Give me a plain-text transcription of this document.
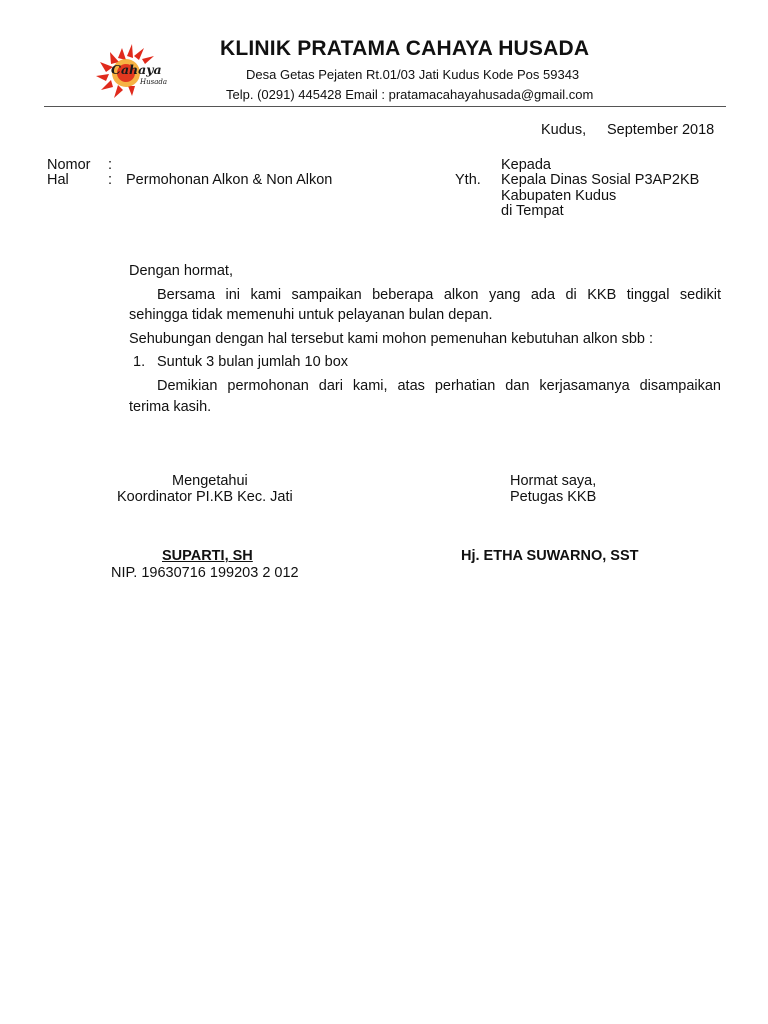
Cahaya
Husada
KLINIK PRATAMA CAHAYA HUSADA
Desa Getas Pejaten Rt.01/03 Jati Kudus Kode Pos 59343
Telp. (0291) 445428 Email : pratamacahayahusada@gmail.com
Kudus, September 2018
Nomor :
Hal	: Permohonan Alkon & Non Alkon	Yth.
Kepada
Kepala Dinas Sosial P3AP2KB
Kabupaten Kudus
di Tempat
Dengan hormat,
Bersama ini kami sampaikan beberapa alkon yang ada di KKB tinggal sedikit
sehingga tidak memenuhi untuk pelayanan bulan depan.
Sehubungan dengan hal tersebut kami mohon pemenuhan kebutuhan alkon sbb :
1. Suntuk 3 bulan jumlah 10 box
Demikian permohonan dari kami, atas perhatian dan kerjasamanya disampaikan
terima kasih.
Mengetahui
Koordinator PI.KB Kec. Jati
SUPARTI, SH
NIP. 19630716 199203 2 012
Hormat saya,
Petugas KKB
Hj. ETHA SUWARNO, SST
